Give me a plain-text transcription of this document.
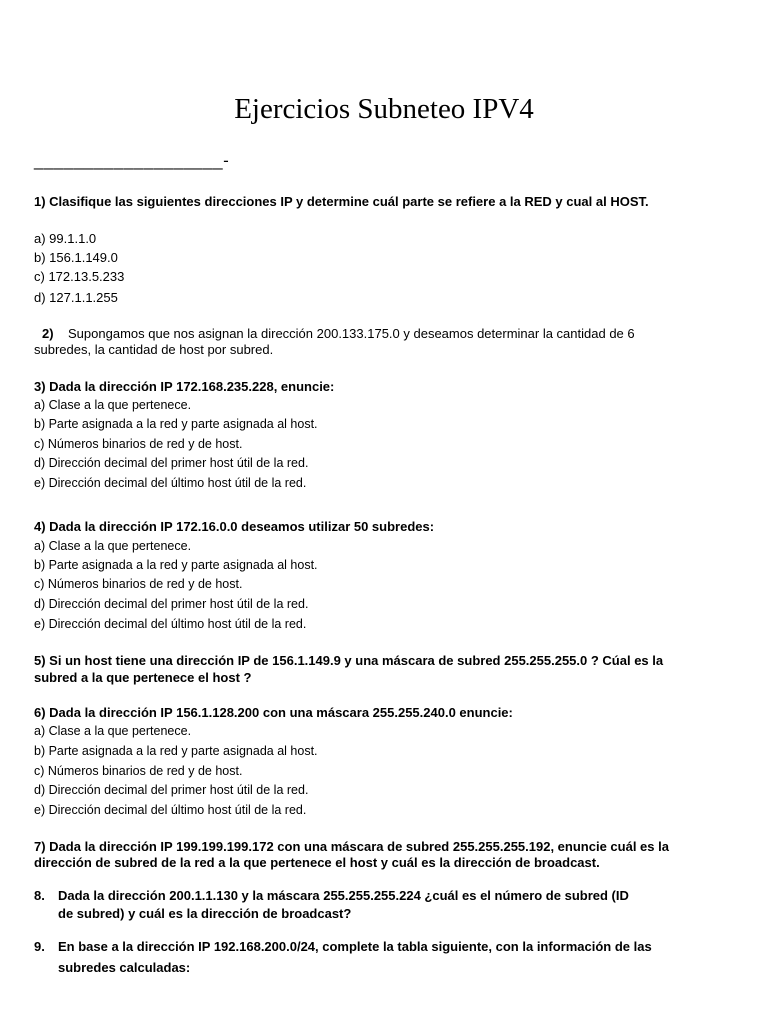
Ejercicios Subneteo IPV4
___________________-
1) Clasifique las siguientes direcciones IP y determine cuál parte se refiere a la RED y cual al HOST.
a) 99.1.1.0
b) 156.1.149.0
c) 172.13.5.233
d) 127.1.1.255
2) Supongamos que nos asignan la dirección 200.133.175.0 y deseamos determinar la cantidad de 6
subredes, la cantidad de host por subred.
3) Dada la dirección IP 172.168.235.228, enuncie:
a) Clase a la que pertenece.
b) Parte asignada a la red y parte asignada al host.
c) Números binarios de red y de host.
d) Dirección decimal del primer host útil de la red.
e) Dirección decimal del último host útil de la red.
4) Dada la dirección IP 172.16.0.0 deseamos utilizar 50 subredes:
a) Clase a la que pertenece.
b) Parte asignada a la red y parte asignada al host.
c) Números binarios de red y de host.
d) Dirección decimal del primer host útil de la red.
e) Dirección decimal del último host útil de la red.
5) Si un host tiene una dirección IP de 156.1.149.9 y una máscara de subred 255.255.255.0 ? Cúal es la
subred a la que pertenece el host ?
6) Dada la dirección IP 156.1.128.200 con una máscara 255.255.240.0 enuncie:
a) Clase a la que pertenece.
b) Parte asignada a la red y parte asignada al host.
c) Números binarios de red y de host.
d) Dirección decimal del primer host útil de la red.
e) Dirección decimal del último host útil de la red.
7) Dada la dirección IP 199.199.199.172 con una máscara de subred 255.255.255.192, enuncie cuál es la
dirección de subred de la red a la que pertenece el host y cuál es la dirección de broadcast.
8. Dada la dirección 200.1.1.130 y la máscara 255.255.255.224 ¿cuál es el número de subred (ID
de subred) y cuál es la dirección de broadcast?
9. En base a la dirección IP 192.168.200.0/24, complete la tabla siguiente, con la información de las
subredes calculadas:
